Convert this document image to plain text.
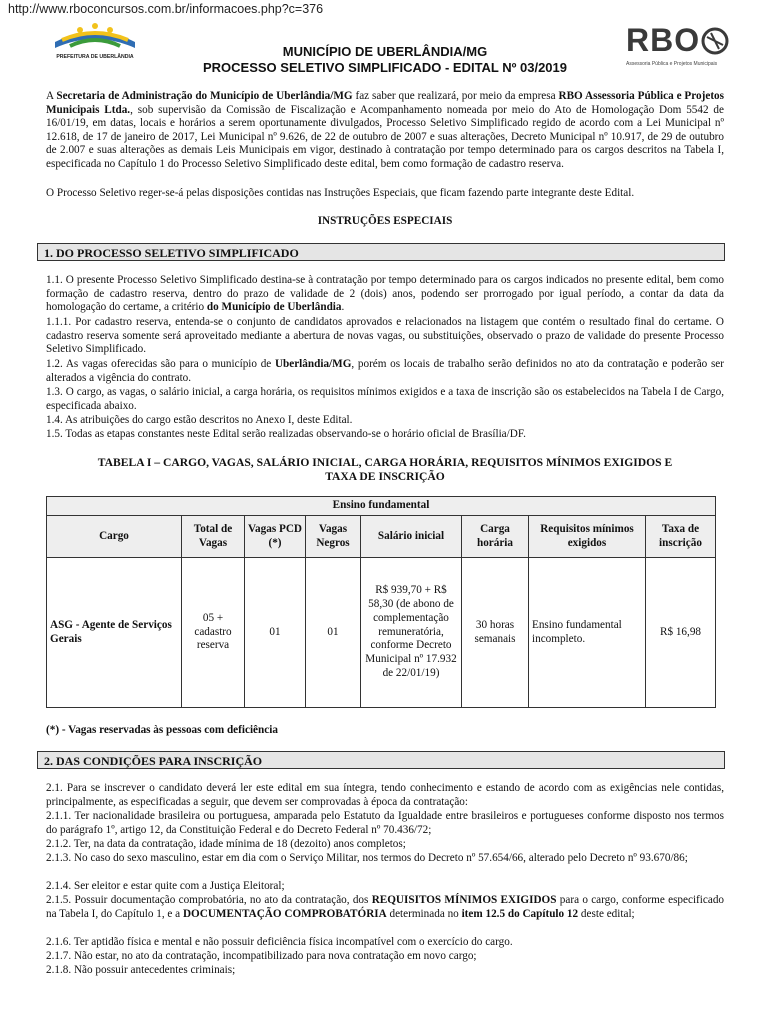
http://www.rboconcursos.com.br/informacoes.php?c=376
PREFEITURA DE UBERLÂNDIA	RBO
Assessoria Pública e Projetos Municipais
MUNICÍPIO DE UBERLÂNDIA/MG
PROCESSO SELETIVO SIMPLIFICADO - EDITAL Nº 03/2019
A Secretaria de Administração do Município de Uberlândia/MG faz saber que realizará, por meio da empresa RBO Assessoria Pública e Projetos Municipais Ltda., sob supervisão da Comissão de Fiscalização e Acompanhamento nomeada por meio do Ato de Homologação Dom 5542 de 16/01/19, em datas, locais e horários a serem oportunamente divulgados, Processo Seletivo Simplificado regido de acordo com a Lei Municipal nº 12.618, de 17 de janeiro de 2017, Lei Municipal nº 9.626, de 22 de outubro de 2007 e suas alterações, Decreto Municipal nº 10.917, de 29 de outubro de 2.007 e suas alterações as demais Leis Municipais em vigor, destinado à contratação por tempo determinado para os cargos descritos na Tabela I, especificada no Capítulo 1 do Processo Seletivo Simplificado deste edital, bem como formação de cadastro reserva.
O Processo Seletivo reger-se-á pelas disposições contidas nas Instruções Especiais, que ficam fazendo parte integrante deste Edital.
INSTRUÇÕES ESPECIAIS
1. DO PROCESSO SELETIVO SIMPLIFICADO
1.1. O presente Processo Seletivo Simplificado destina-se à contratação por tempo determinado para os cargos indicados no presente edital, bem como formação de cadastro reserva, dentro do prazo de validade de 2 (dois) anos, podendo ser prorrogado por igual período, a contar da data da homologação do certame, a critério do Município de Uberlândia.
1.1.1. Por cadastro reserva, entenda-se o conjunto de candidatos aprovados e relacionados na listagem que contém o resultado final do certame. O cadastro reserva somente será aproveitado mediante a abertura de novas vagas, ou substituições, observado o prazo de validade do presente Processo Seletivo Simplificado.
1.2. As vagas oferecidas são para o município de Uberlândia/MG, porém os locais de trabalho serão definidos no ato da contratação e poderão ser alterados a vigência do contrato.
1.3. O cargo, as vagas, o salário inicial, a carga horária, os requisitos mínimos exigidos e a taxa de inscrição são os estabelecidos na Tabela I de Cargo, especificada abaixo.
1.4. As atribuições do cargo estão descritos no Anexo I, deste Edital.
1.5. Todas as etapas constantes neste Edital serão realizadas observando-se o horário oficial de Brasília/DF.
TABELA I – CARGO, VAGAS, SALÁRIO INICIAL, CARGA HORÁRIA, REQUISITOS MÍNIMOS EXIGIDOS E
TAXA DE INSCRIÇÃO
Ensino fundamental							
Cargo	Total de Vagas	Vagas PCD (*)	Vagas Negros	Salário inicial	Carga horária	Requisitos mínimos exigidos	Taxa de inscrição
ASG - Agente de Serviços Gerais	05 + cadastro reserva	01	01	R$ 939,70 + R$ 58,30 (de abono de complementação remuneratória, conforme Decreto Municipal nº 17.932 de 22/01/19)	30 horas semanais	Ensino fundamental incompleto.	R$ 16,98
(*) - Vagas reservadas às pessoas com deficiência
2. DAS CONDIÇÕES PARA INSCRIÇÃO
2.1. Para se inscrever o candidato deverá ler este edital em sua íntegra, tendo conhecimento e estando de acordo com as exigências nele contidas, principalmente, as especificadas a seguir, que devem ser comprovadas à época da contratação:
2.1.1. Ter nacionalidade brasileira ou portuguesa, amparada pelo Estatuto da Igualdade entre brasileiros e portugueses conforme disposto nos termos do parágrafo 1º, artigo 12, da Constituição Federal e do Decreto Federal nº 70.436/72;
2.1.2. Ter, na data da contratação, idade mínima de 18 (dezoito) anos completos;
2.1.3. No caso do sexo masculino, estar em dia com o Serviço Militar, nos termos do Decreto nº 57.654/66, alterado pelo Decreto nº 93.670/86;
2.1.4. Ser eleitor e estar quite com a Justiça Eleitoral;
2.1.5. Possuir documentação comprobatória, no ato da contratação, dos REQUISITOS MÍNIMOS EXIGIDOS para o cargo, conforme especificado na Tabela I, do Capítulo 1, e a DOCUMENTAÇÃO COMPROBATÓRIA determinada no item 12.5 do Capítulo 12 deste edital;
2.1.6. Ter aptidão física e mental e não possuir deficiência física incompatível com o exercício do cargo.
2.1.7. Não estar, no ato da contratação, incompatibilizado para nova contratação em novo cargo;
2.1.8. Não possuir antecedentes criminais;
